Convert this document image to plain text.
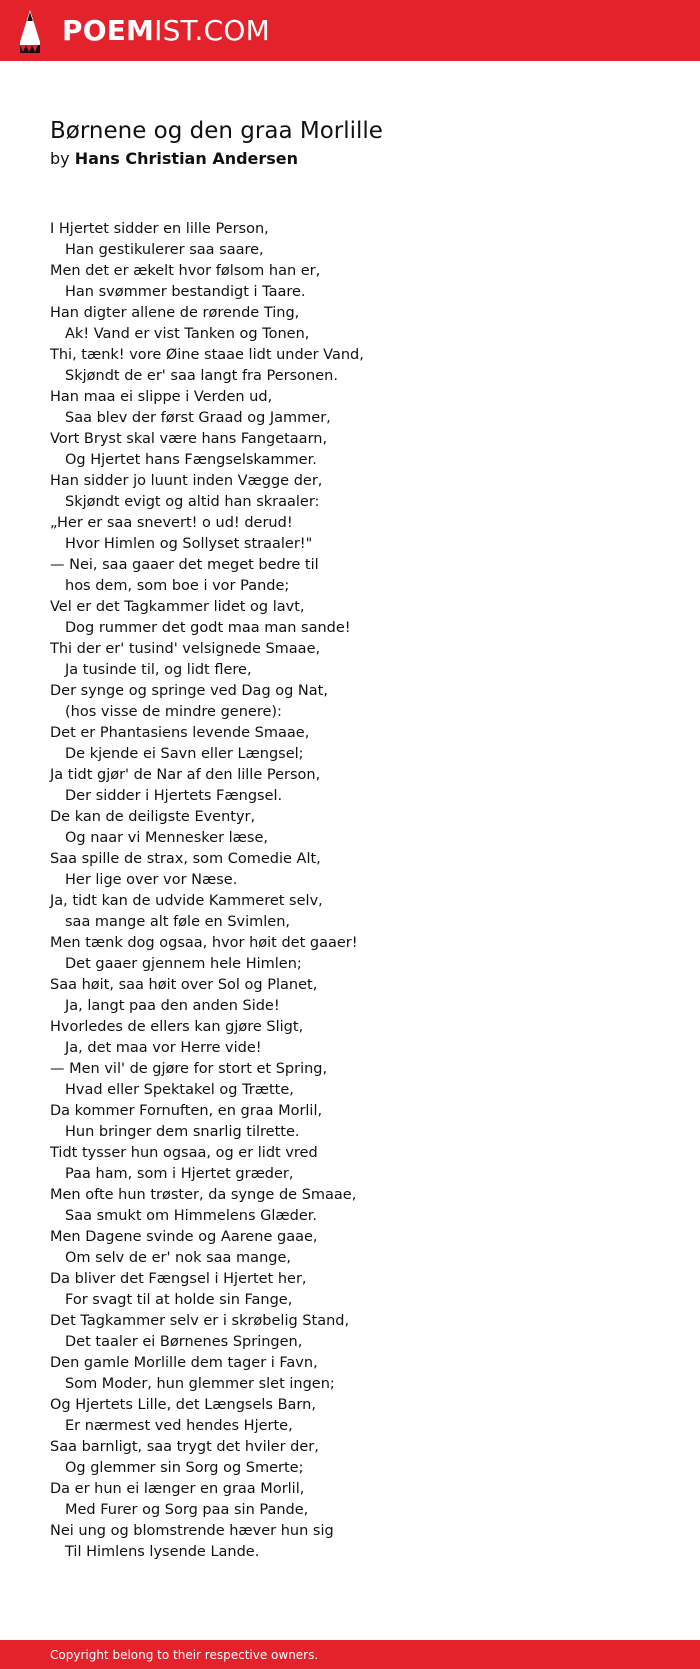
POEMIST.COM
Børnene og den graa Morlille
by Hans Christian Andersen
I Hjertet sidder en lille Person,
Han gestikulerer saa saare,
Men det er ækelt hvor følsom han er,
Han svømmer bestandigt i Taare.
Han digter allene de rørende Ting,
Ak! Vand er vist Tanken og Tonen,
Thi, tænk! vore Øine staae lidt under Vand,
Skjøndt de er' saa langt fra Personen.
Han maa ei slippe i Verden ud,
Saa blev der først Graad og Jammer,
Vort Bryst skal være hans Fangetaarn,
Og Hjertet hans Fængselskammer.
Han sidder jo luunt inden Vægge der,
Skjøndt evigt og altid han skraaler:
„Her er saa snevert! o ud! derud!
Hvor Himlen og Sollyset straaler!"
— Nei, saa gaaer det meget bedre til
hos dem, som boe i vor Pande;
Vel er det Tagkammer lidet og lavt,
Dog rummer det godt maa man sande!
Thi der er' tusind' velsignede Smaae,
Ja tusinde til, og lidt flere,
Der synge og springe ved Dag og Nat,
(hos visse de mindre genere):
Det er Phantasiens levende Smaae,
De kjende ei Savn eller Længsel;
Ja tidt gjør' de Nar af den lille Person,
Der sidder i Hjertets Fængsel.
De kan de deiligste Eventyr,
Og naar vi Mennesker læse,
Saa spille de strax, som Comedie Alt,
Her lige over vor Næse.
Ja, tidt kan de udvide Kammeret selv,
saa mange alt føle en Svimlen,
Men tænk dog ogsaa, hvor høit det gaaer!
Det gaaer gjennem hele Himlen;
Saa høit, saa høit over Sol og Planet,
Ja, langt paa den anden Side!
Hvorledes de ellers kan gjøre Sligt,
Ja, det maa vor Herre vide!
— Men vil' de gjøre for stort et Spring,
Hvad eller Spektakel og Trætte,
Da kommer Fornuften, en graa Morlil,
Hun bringer dem snarlig tilrette.
Tidt tysser hun ogsaa, og er lidt vred
Paa ham, som i Hjertet græder,
Men ofte hun trøster, da synge de Smaae,
Saa smukt om Himmelens Glæder.
Men Dagene svinde og Aarene gaae,
Om selv de er' nok saa mange,
Da bliver det Fængsel i Hjertet her,
For svagt til at holde sin Fange,
Det Tagkammer selv er i skrøbelig Stand,
Det taaler ei Børnenes Springen,
Den gamle Morlille dem tager i Favn,
Som Moder, hun glemmer slet ingen;
Og Hjertets Lille, det Længsels Barn,
Er nærmest ved hendes Hjerte,
Saa barnligt, saa trygt det hviler der,
Og glemmer sin Sorg og Smerte;
Da er hun ei længer en graa Morlil,
Med Furer og Sorg paa sin Pande,
Nei ung og blomstrende hæver hun sig
Til Himlens lysende Lande.
Copyright belong to their respective owners.
